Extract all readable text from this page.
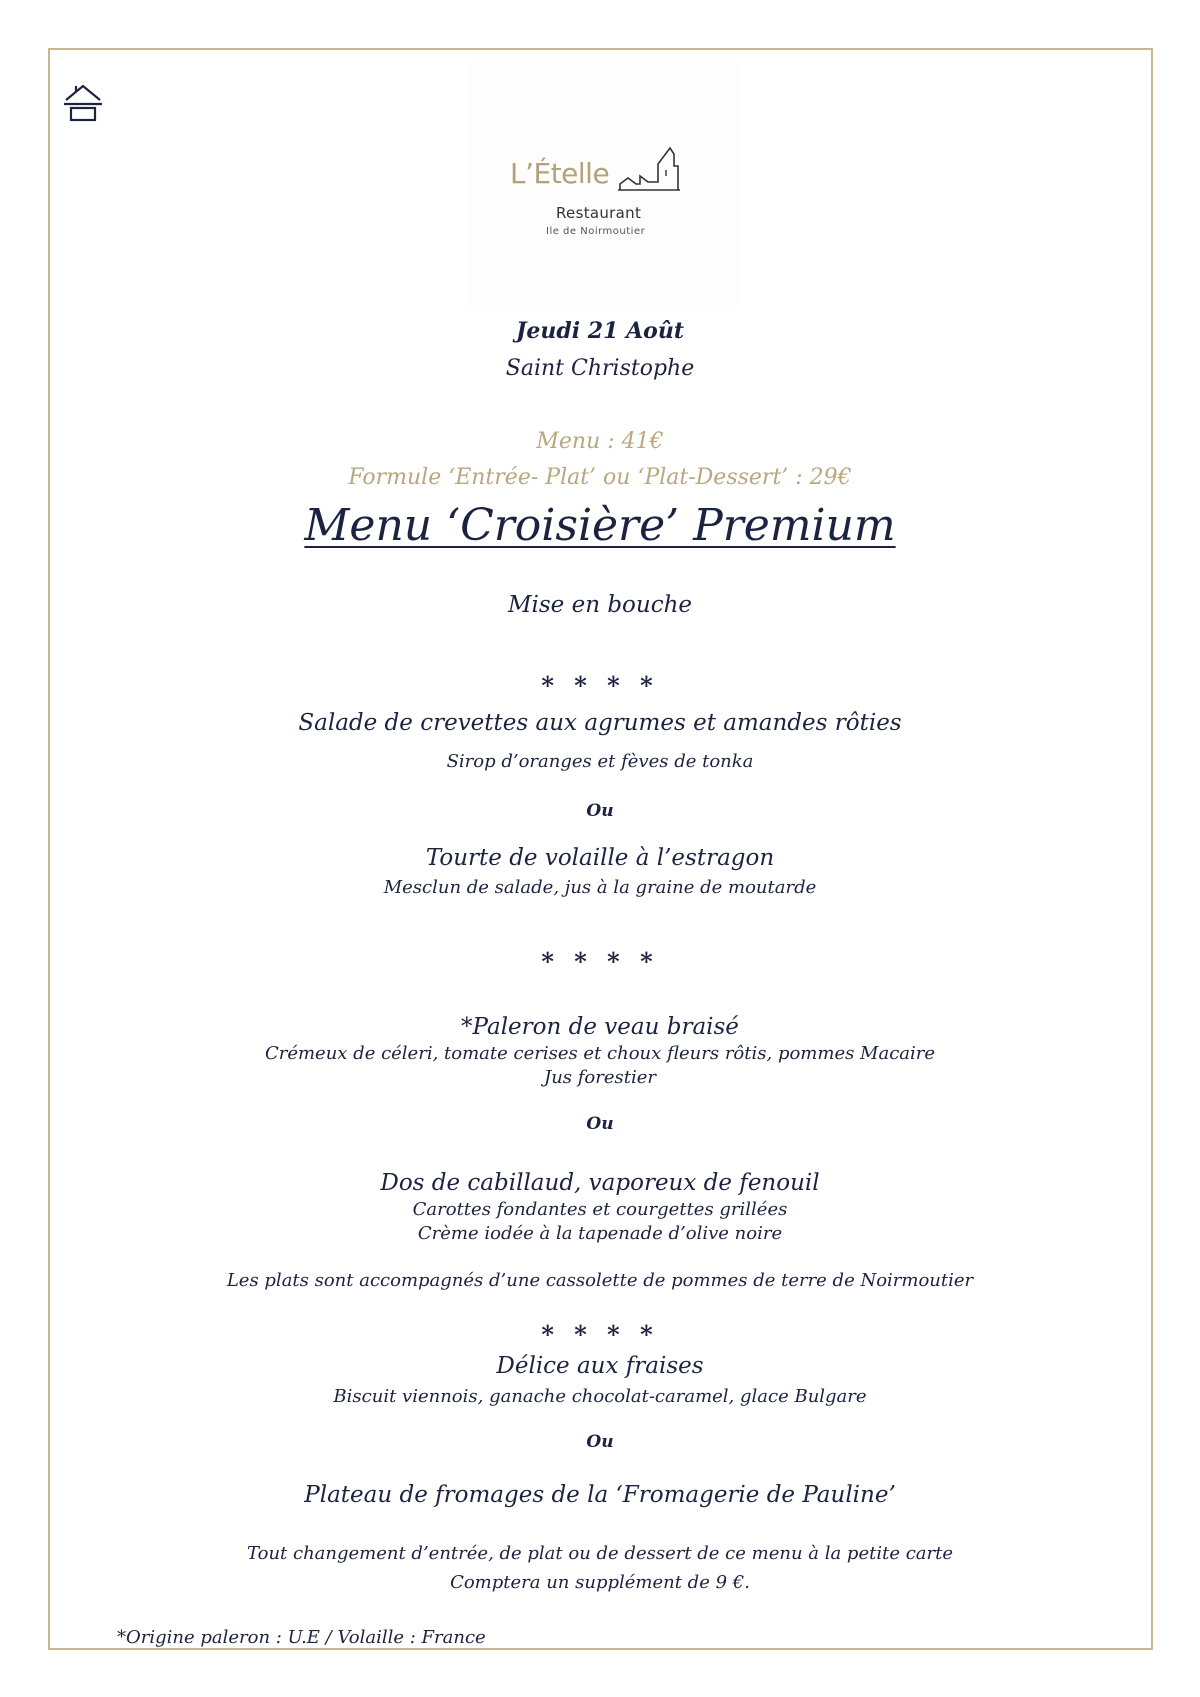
L’Ételle
Restaurant
Ile de Noirmoutier
Jeudi 21 Août
Saint Christophe
Menu : 41€
Formule ‘Entrée- Plat’ ou ‘Plat-Dessert’ : 29€
Menu ‘Croisière’ Premium
Mise en bouche
* * * *
Salade de crevettes aux agrumes et amandes rôties
Sirop d’oranges et fèves de tonka
Ou
Tourte de volaille à l’estragon
Mesclun de salade, jus à la graine de moutarde
* * * *
*Paleron de veau braisé
Crémeux de céleri, tomate cerises et choux fleurs rôtis, pommes Macaire
Jus forestier
Ou
Dos de cabillaud, vaporeux de fenouil
Carottes fondantes et courgettes grillées
Crème iodée à la tapenade d’olive noire
Les plats sont accompagnés d’une cassolette de pommes de terre de Noirmoutier
* * * *
Délice aux fraises
Biscuit viennois, ganache chocolat-caramel, glace Bulgare
Ou
Plateau de fromages de la ‘Fromagerie de Pauline’
Tout changement d’entrée, de plat ou de dessert de ce menu à la petite carte
Comptera un supplément de 9 €.
*Origine paleron : U.E / Volaille : France
